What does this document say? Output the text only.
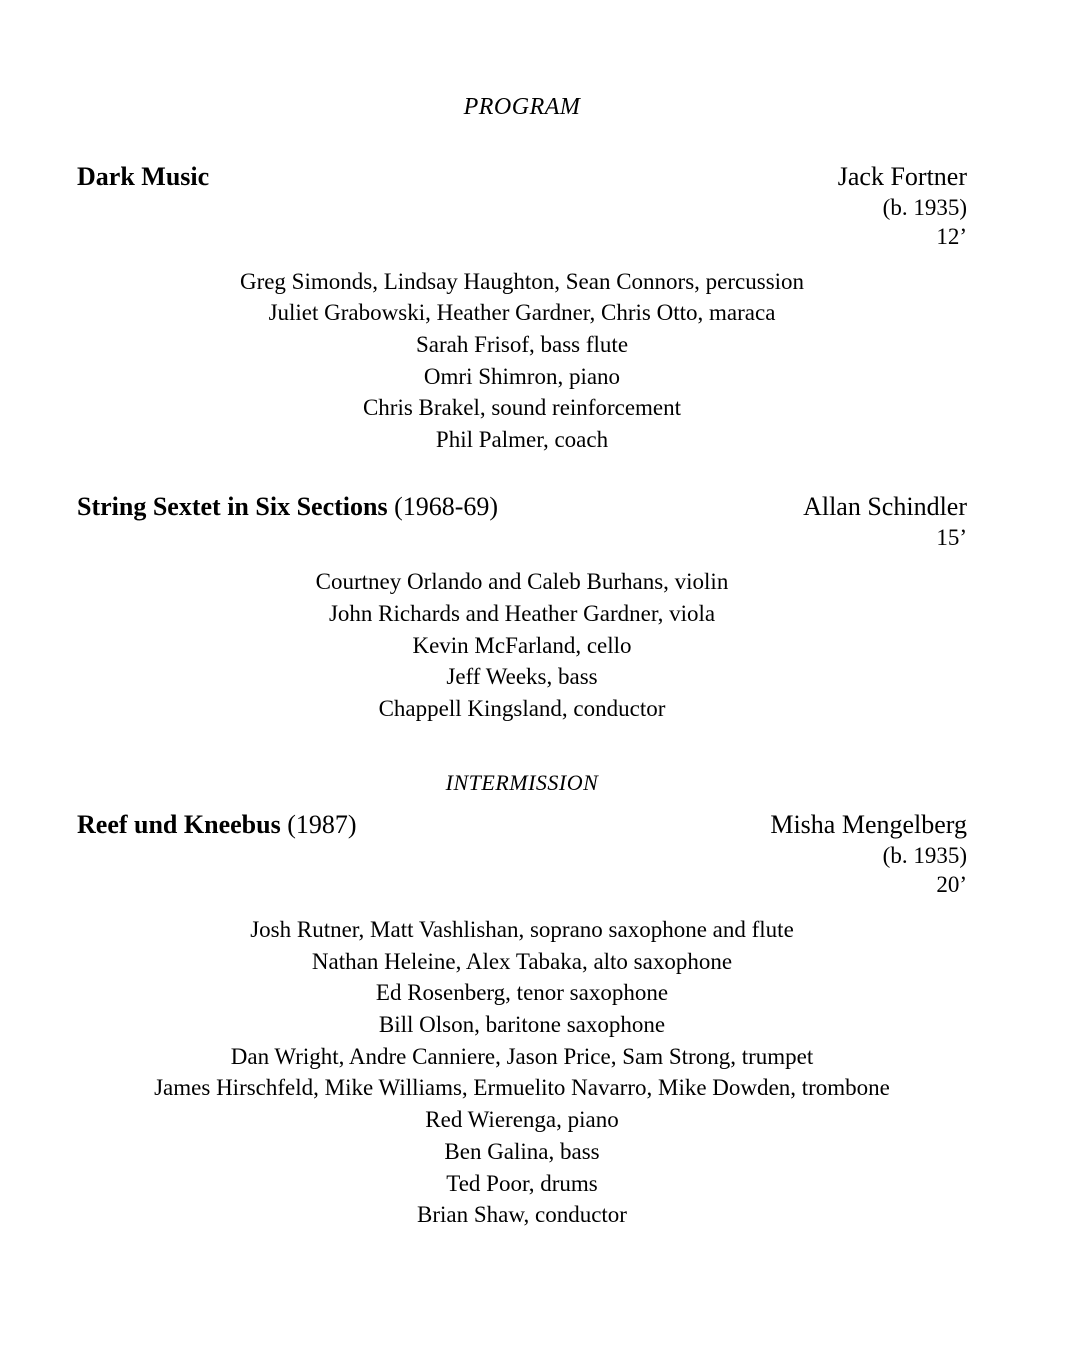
PROGRAM
Dark Music	Jack Fortner
(b. 1935)
12’
Greg Simonds, Lindsay Haughton, Sean Connors, percussion
Juliet Grabowski, Heather Gardner, Chris Otto, maraca
Sarah Frisof, bass flute
Omri Shimron, piano
Chris Brakel, sound reinforcement
Phil Palmer, coach
String Sextet in Six Sections (1968-69)	Allan Schindler
15’
Courtney Orlando and Caleb Burhans, violin
John Richards and Heather Gardner, viola
Kevin McFarland, cello
Jeff Weeks, bass
Chappell Kingsland, conductor
INTERMISSION
Reef und Kneebus (1987)	Misha Mengelberg
(b. 1935)
20’
Josh Rutner, Matt Vashlishan, soprano saxophone and flute
Nathan Heleine, Alex Tabaka, alto saxophone
Ed Rosenberg, tenor saxophone
Bill Olson, baritone saxophone
Dan Wright, Andre Canniere, Jason Price, Sam Strong, trumpet
James Hirschfeld, Mike Williams, Ermuelito Navarro, Mike Dowden, trombone
Red Wierenga, piano
Ben Galina, bass
Ted Poor, drums
Brian Shaw, conductor
